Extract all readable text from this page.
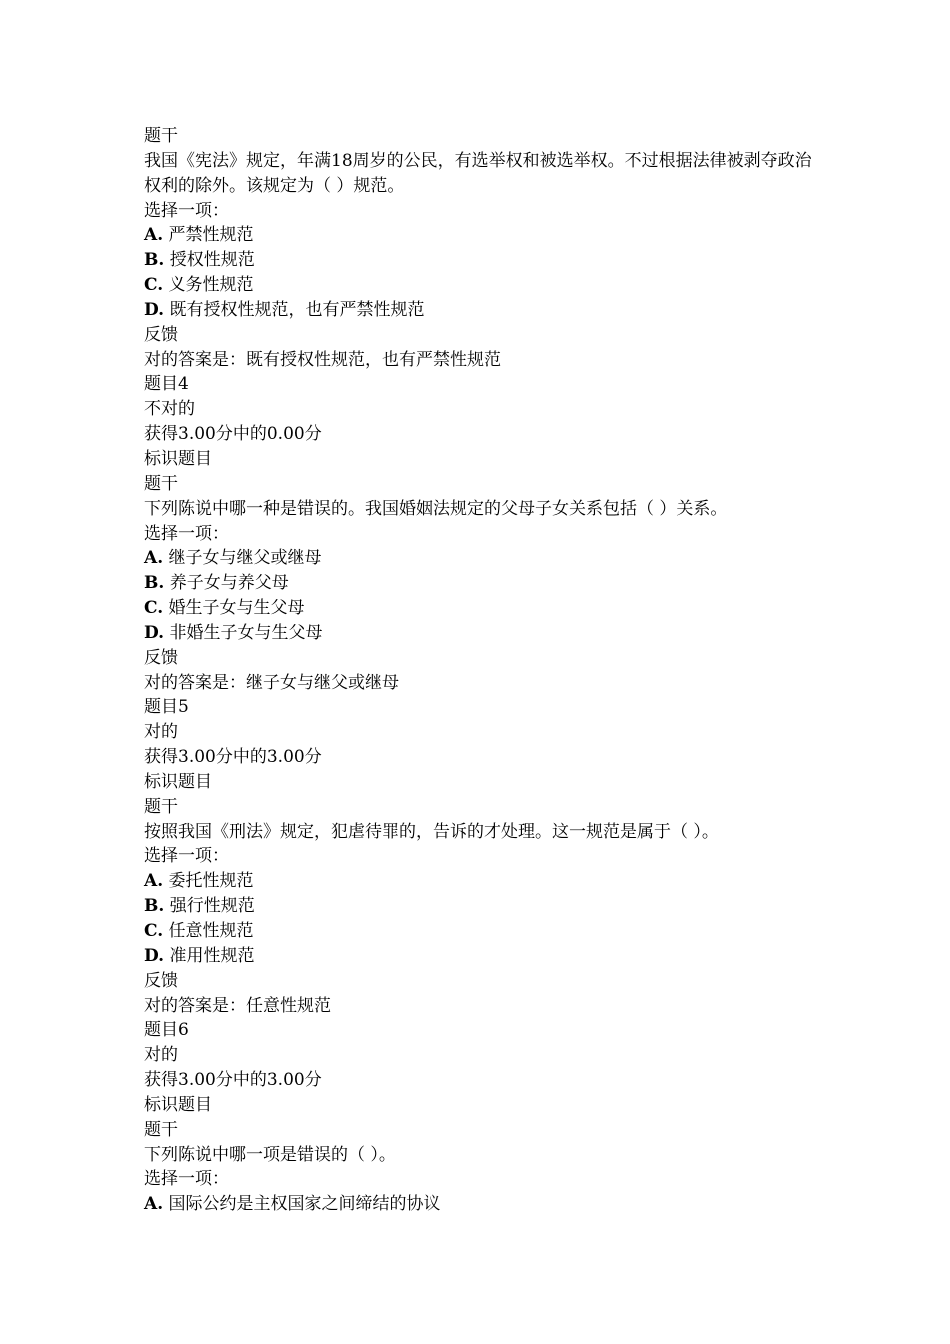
题干
我国《宪法》规定，年满18周岁的公民，有选举权和被选举权。不过根据法律被剥夺政治权利的除外。该规定为（ ）规范。
选择一项：
A. 严禁性规范
B. 授权性规范
C. 义务性规范
D. 既有授权性规范，也有严禁性规范
反馈
对的答案是：既有授权性规范，也有严禁性规范
题目4
不对的
获得3.00分中的0.00分
标识题目
题干
下列陈说中哪一种是错误的。我国婚姻法规定的父母子女关系包括（ ）关系。
选择一项：
A. 继子女与继父或继母
B. 养子女与养父母
C. 婚生子女与生父母
D. 非婚生子女与生父母
反馈
对的答案是：继子女与继父或继母
题目5
对的
获得3.00分中的3.00分
标识题目
题干
按照我国《刑法》规定，犯虐待罪的，告诉的才处理。这一规范是属于（ ）。
选择一项：
A. 委托性规范
B. 强行性规范
C. 任意性规范
D. 准用性规范
反馈
对的答案是：任意性规范
题目6
对的
获得3.00分中的3.00分
标识题目
题干
下列陈说中哪一项是错误的（ ）。
选择一项：
A. 国际公约是主权国家之间缔结的协议
